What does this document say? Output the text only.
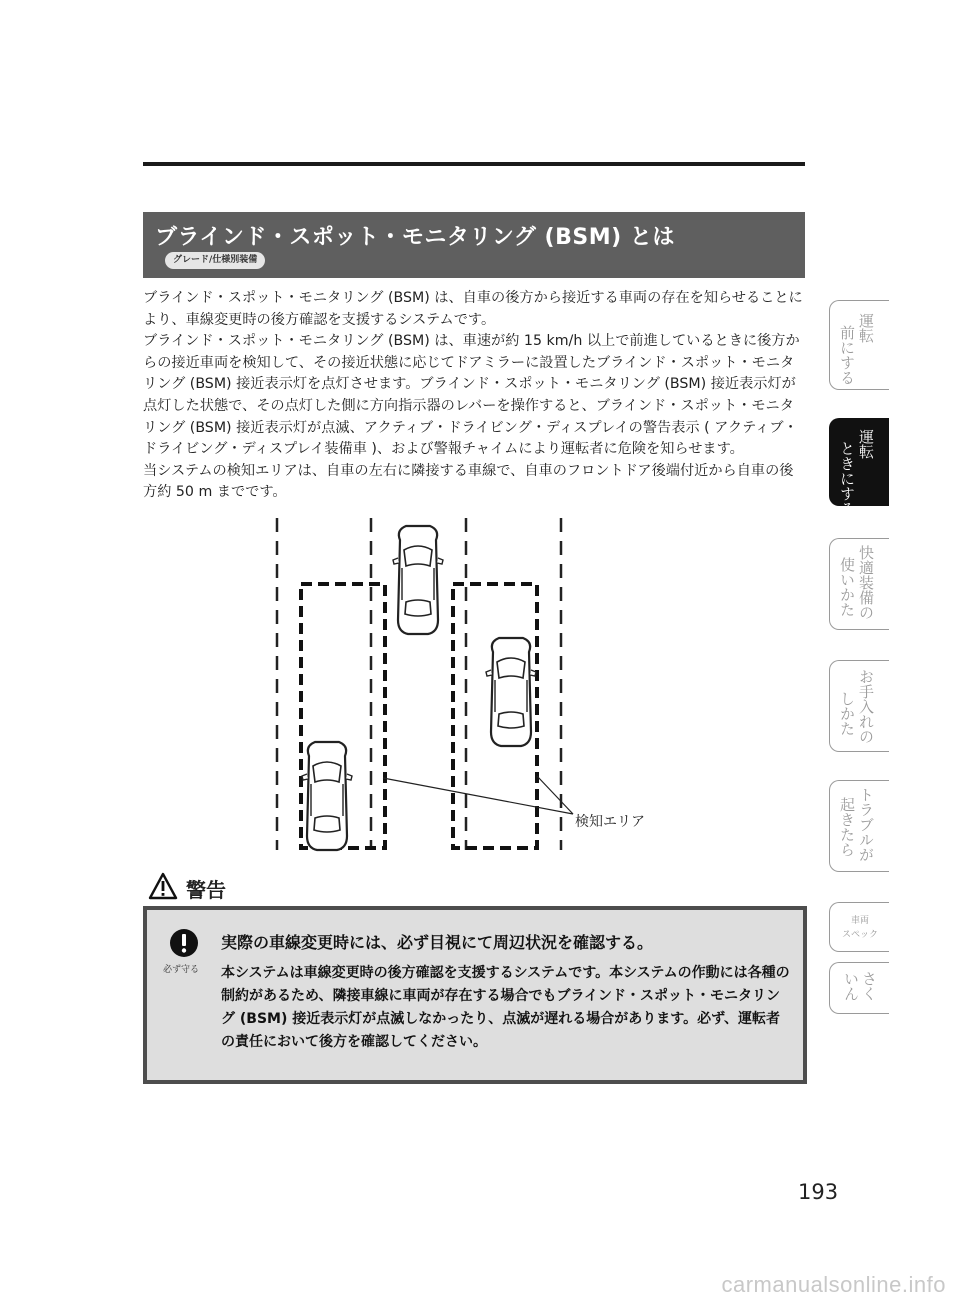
ブラインド・スポット・モニタリング (BSM) とは
グレード/仕様別装備

ブラインド・スポット・モニタリング (BSM) は、自車の後方から接近する車両の存在を知らせることにより、車線変更時の後方確認を支援するシステムです。

ブラインド・スポット・モニタリング (BSM) は、車速が約 15 km/h 以上で前進しているときに後方からの接近車両を検知して、その接近状態に応じてドアミラーに設置したブラインド・スポット・モニタリング (BSM) 接近表示灯を点灯させます。ブラインド・スポット・モニタリング (BSM) 接近表示灯が点灯した状態で、その点灯した側に方向指示器のレバーを操作すると、ブラインド・スポット・モニタリング (BSM) 接近表示灯が点滅、アクティブ・ドライビング・ディスプレイの警告表示 ( アクティブ・ドライビング・ディスプレイ装備車 )、および警報チャイムにより運転者に危険を知らせます。

当システムの検知エリアは、自車の左右に隣接する車線で、自車のフロントドア後端付近から自車の後方約 50 m までです。

運転
前にする
運転
ときにする
快適装備の
使いかた
お手入れの
しかた
トラブルが
起きたら
車両
スペック
さく
いん
検知エリア
警告
必ず守る
実際の車線変更時には、必ず目視にて周辺状況を確認する。
本システムは車線変更時の後方確認を支援するシステムです。本システムの作動には各種の制約があるため、隣接車線に車両が存在する場合でもブラインド・スポット・モニタリング (BSM) 接近表示灯が点滅しなかったり、点滅が遅れる場合があります。必ず、運転者の責任において後方を確認してください。
193
carmanualsonline.info
